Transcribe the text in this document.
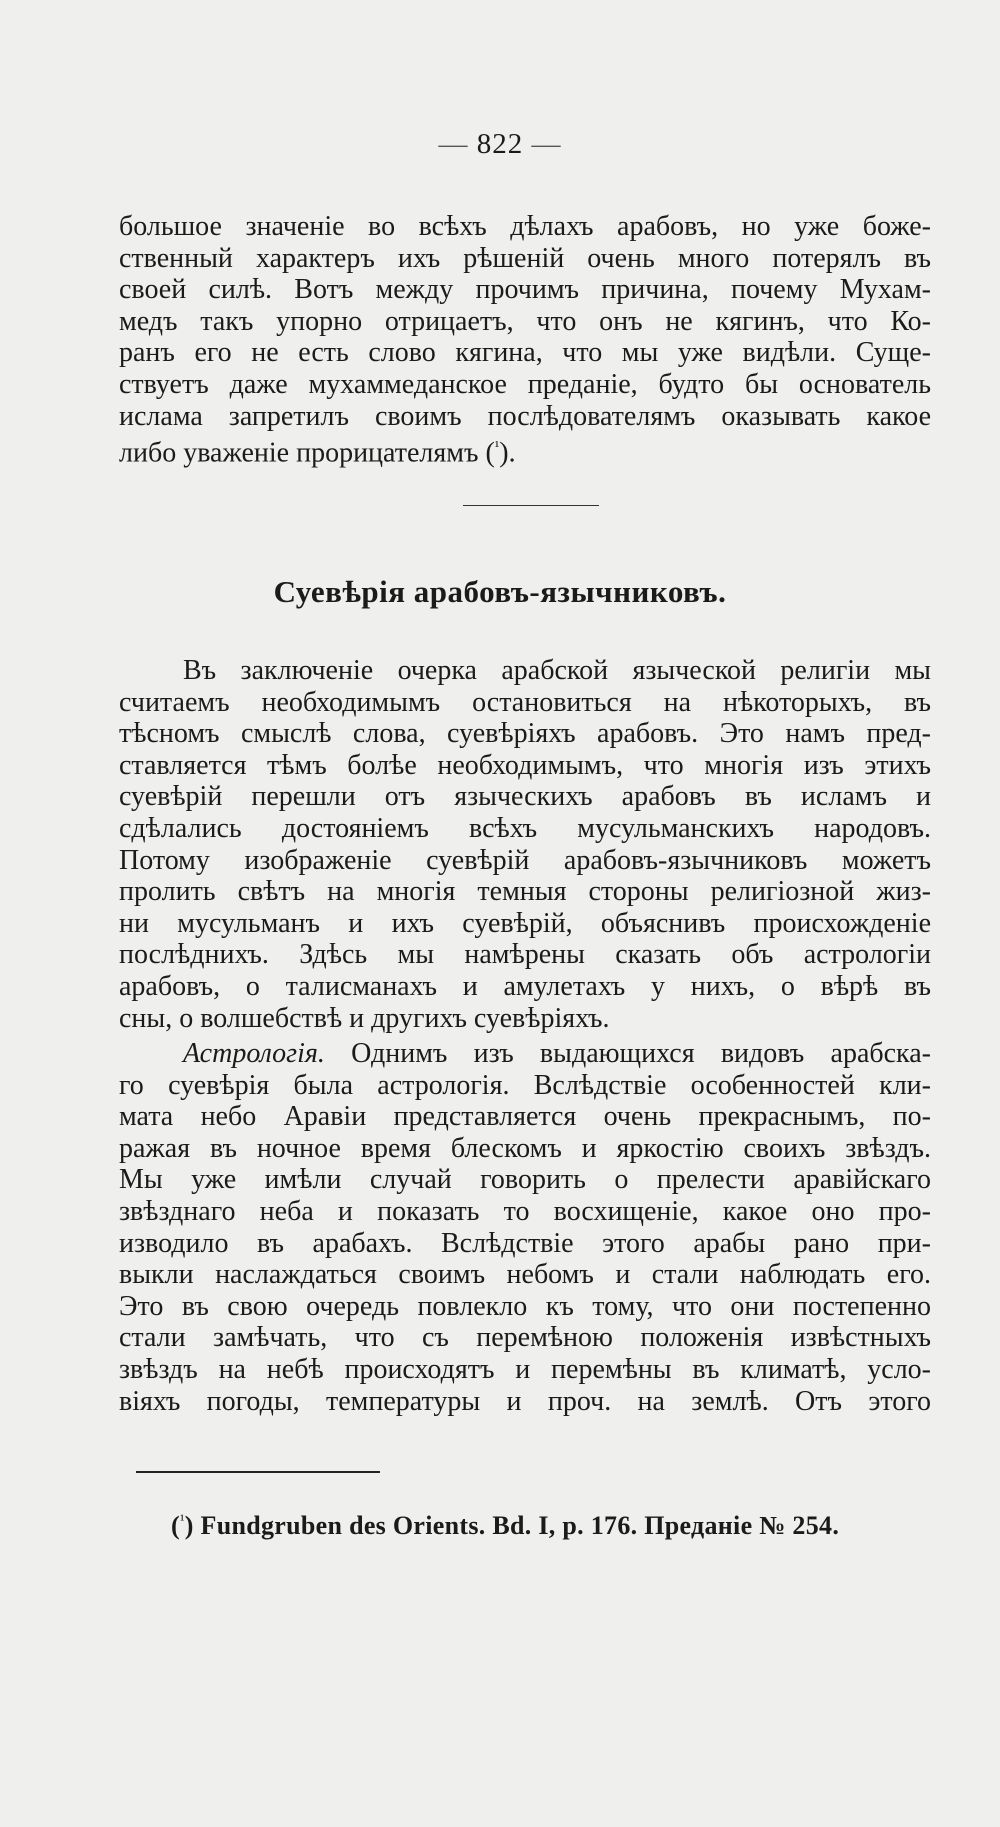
— 822 —
большое значеніе во всѣхъ дѣлахъ арабовъ, но уже боже-
ственный характеръ ихъ рѣшеній очень много потерялъ въ
своей силѣ. Вотъ между прочимъ причина, почему Мухам-
медъ такъ упорно отрицаетъ, что онъ не кягинъ, что Ко-
ранъ его не есть слово кягина, что мы уже видѣли. Суще-
ствуетъ даже мухаммеданское преданіе, будто бы основатель
ислама запретилъ своимъ послѣдователямъ оказывать какое
либо уваженіе прорицателямъ ($^{^1}$).
Суевѣрія арабовъ-язычниковъ.
Въ заключеніе очерка арабской языческой религіи мы
считаемъ необходимымъ остановиться на нѣкоторыхъ, въ
тѣсномъ смыслѣ слова, суевѣріяхъ арабовъ. Это намъ пред-
ставляется тѣмъ болѣе необходимымъ, что многія изъ этихъ
суевѣрій перешли отъ языческихъ арабовъ въ исламъ и
сдѣлались достояніемъ всѣхъ мусульманскихъ народовъ.
Потому изображеніе суевѣрій арабовъ-язычниковъ можетъ
пролить свѣтъ на многія темныя стороны религіозной жиз-
ни мусульманъ и ихъ суевѣрій, объяснивъ происхожденіе
послѣднихъ. Здѣсь мы намѣрены сказать объ астрологіи
арабовъ, о талисманахъ и амулетахъ у нихъ, о вѣрѣ въ
сны, о волшебствѣ и другихъ суевѣріяхъ.
Астрологія. Однимъ изъ выдающихся видовъ арабска-
го суевѣрія была астрологія. Вслѣдствіе особенностей кли-
мата небо Аравіи представляется очень прекраснымъ, по-
ражая въ ночное время блескомъ и яркостію своихъ звѣздъ.
Мы уже имѣли случай говорить о прелести аравійскаго
звѣзднаго неба и показать то восхищеніе, какое оно про-
изводило въ арабахъ. Вслѣдствіе этого арабы рано при-
выкли наслаждаться своимъ небомъ и стали наблюдать его.
Это въ свою очередь повлекло къ тому, что они постепенно
стали замѣчать, что съ перемѣною положенія извѣстныхъ
звѣздъ на небѣ происходятъ и перемѣны въ климатѣ, усло-
віяхъ погоды, температуры и проч. на землѣ. Отъ этого
($^{^1}$) Fundgruben des Orients. Bd. I, p. 176. Преданіе № 254.
